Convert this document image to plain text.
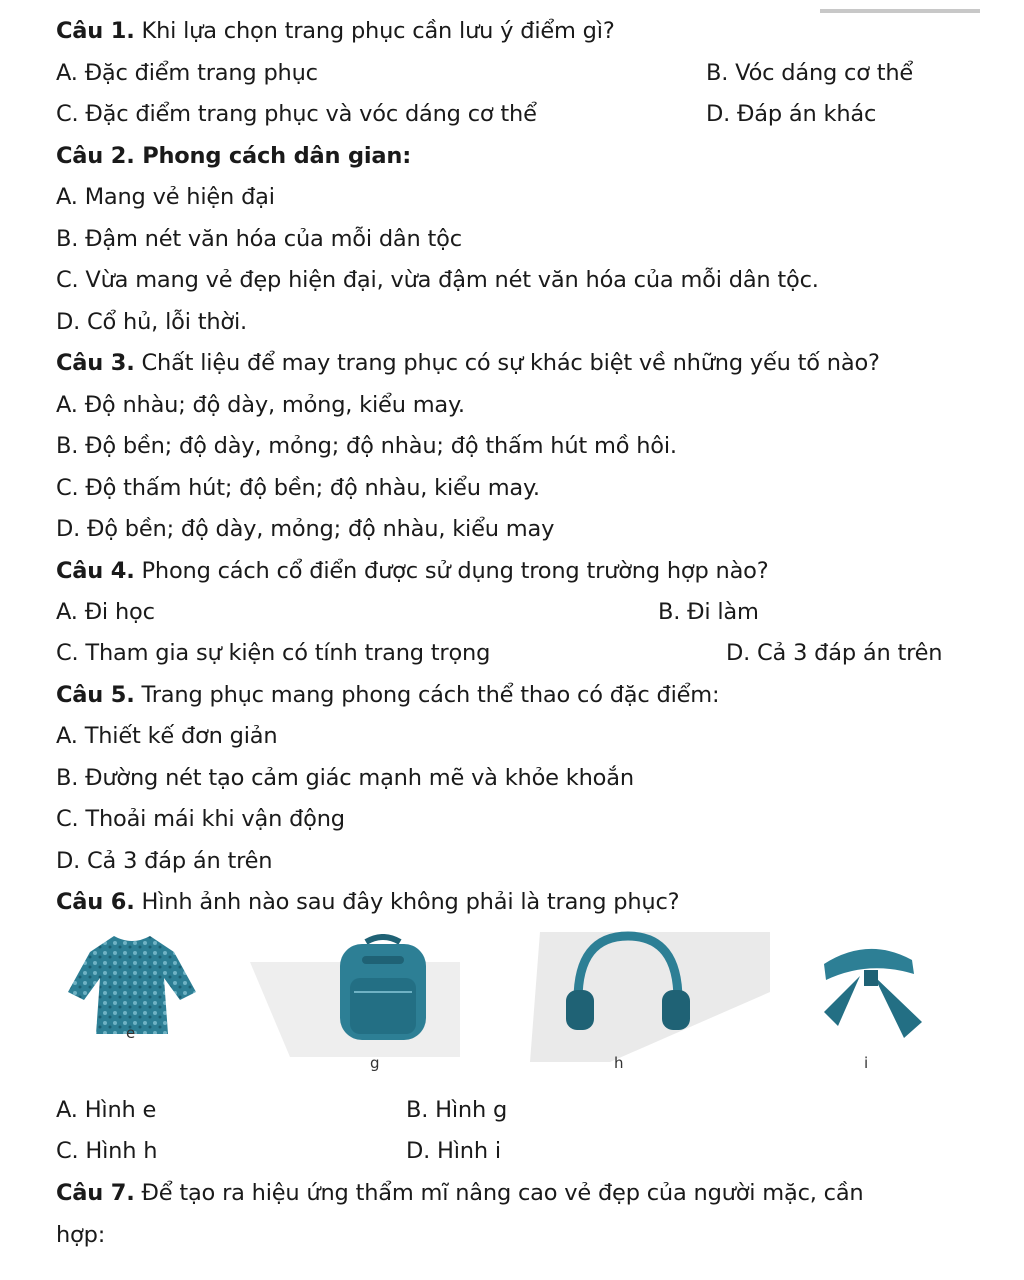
Câu 1. Khi lựa chọn trang phục cần lưu ý điểm gì?
A. Đặc điểm trang phục	B. Vóc dáng cơ thể
C. Đặc điểm trang phục và vóc dáng cơ thể	D. Đáp án khác
Câu 2. Phong cách dân gian:
A. Mang vẻ hiện đại
B. Đậm nét văn hóa của mỗi dân tộc
C. Vừa mang vẻ đẹp hiện đại, vừa đậm nét văn hóa của mỗi dân tộc.
D. Cổ hủ, lỗi thời.
Câu 3. Chất liệu để may trang phục có sự khác biệt về những yếu tố nào?
A. Độ nhàu; độ dày, mỏng, kiểu may.
B. Độ bền; độ dày, mỏng; độ nhàu; độ thấm hút mồ hôi.
C. Độ thấm hút; độ bền; độ nhàu, kiểu may.
D. Độ bền; độ dày, mỏng; độ nhàu, kiểu may
Câu 4. Phong cách cổ điển được sử dụng trong trường hợp nào?
A. Đi học	B. Đi làm
C. Tham gia sự kiện có tính trang trọng	D. Cả 3 đáp án trên
Câu 5. Trang phục mang phong cách thể thao có đặc điểm:
A. Thiết kế đơn giản
B. Đường nét tạo cảm giác mạnh mẽ và khỏe khoắn
C. Thoải mái khi vận động
D. Cả 3 đáp án trên
Câu 6. Hình ảnh nào sau đây không phải là trang phục?
e
g	h	i
A. Hình e	B. Hình g
C. Hình h	D. Hình i
Câu 7. Để tạo ra hiệu ứng thẩm mĩ nâng cao vẻ đẹp của người mặc, cần
hợp:
